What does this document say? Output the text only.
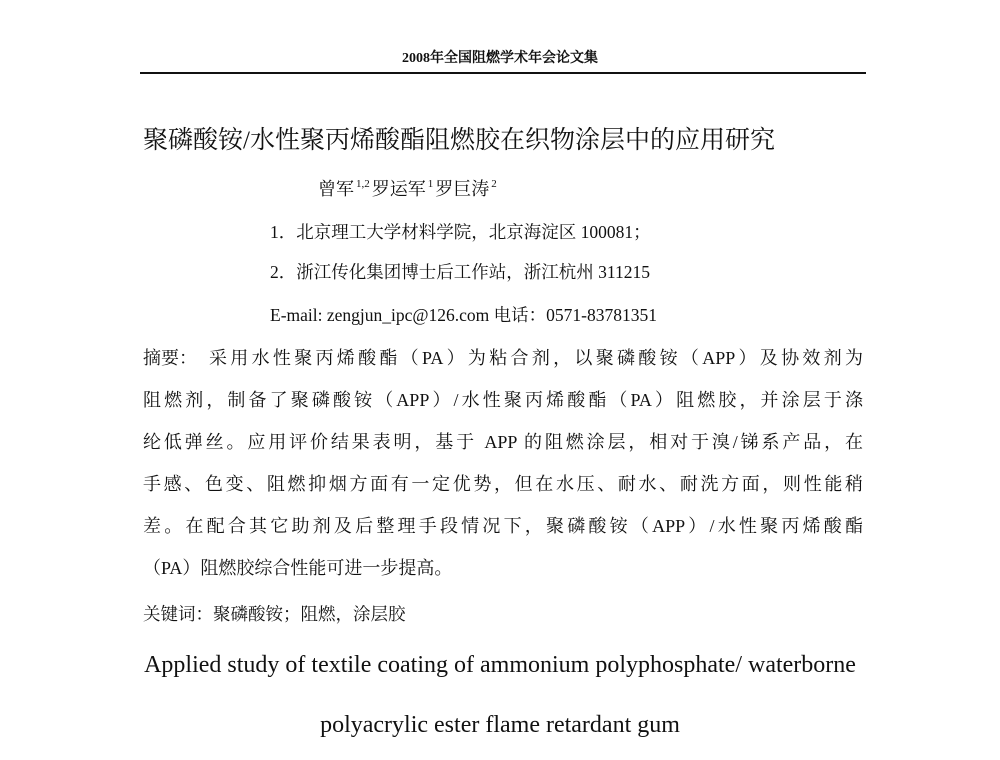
2008年全国阻燃学术年会论文集
聚磷酸铵/水性聚丙烯酸酯阻燃胶在织物涂层中的应用研究
曾军 $^{1,2}$ 罗运军 $^1$ 罗巨涛 $^2$
1．北京理工大学材料学院，北京海淀区 100081；
2．浙江传化集团博士后工作站，浙江杭州 311215
E-mail: zengjun_ipc@126.com 电话：0571-83781351
摘要： 采用水性聚丙烯酸酯（PA）为粘合剂，以聚磷酸铵（APP）及协效剂为
阻燃剂，制备了聚磷酸铵（APP）/水性聚丙烯酸酯（PA）阻燃胶，并涂层于涤
纶低弹丝。应用评价结果表明，基于 APP 的阻燃涂层，相对于溴/锑系产品，在
手感、色变、阻燃抑烟方面有一定优势，但在水压、耐水、耐洗方面，则性能稍
差。在配合其它助剂及后整理手段情况下，聚磷酸铵（APP）/水性聚丙烯酸酯
（PA）阻燃胶综合性能可进一步提高。
关键词：聚磷酸铵；阻燃，涂层胶
Applied study of textile coating of ammonium polyphosphate/ waterborne
polyacrylic ester flame retardant gum
